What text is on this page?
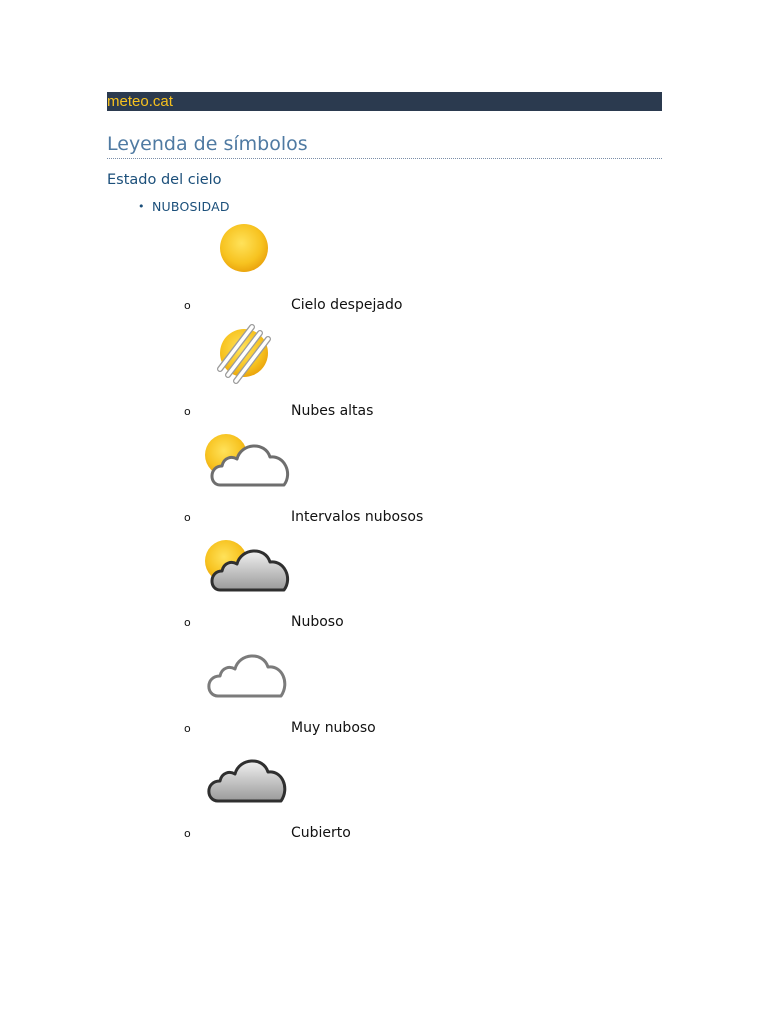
meteo.cat
Leyenda de símbolos
Estado del cielo
• NUBOSIDAD
o	Cielo despejado
o	Nubes altas
o	Intervalos nubosos
o	Nuboso
o	Muy nuboso
o	Cubierto
